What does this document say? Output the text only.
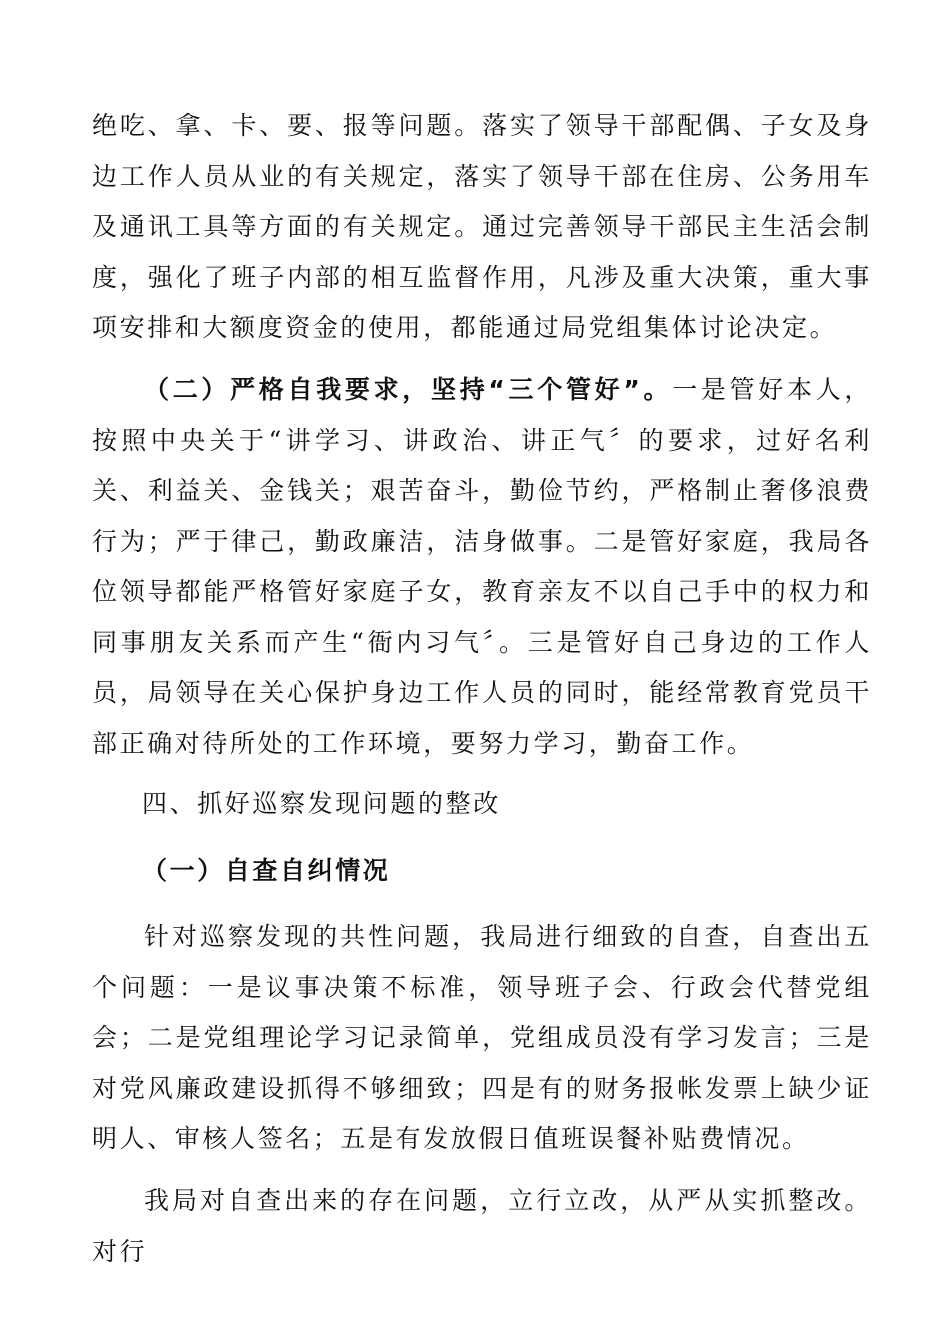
绝吃、拿、卡、要、报等问题。落实了领导干部配偶、子女及身边工作人员从业的有关规定，落实了领导干部在住房、公务用车及通讯工具等方面的有关规定。通过完善领导干部民主生活会制度，强化了班子内部的相互监督作用，凡涉及重大决策，重大事项安排和大额度资金的使用，都能通过局党组集体讨论决定。

（二）严格自我要求，坚持“三个管好”。一是管好本人，按照中央关于“讲学习、讲政治、讲正气〞的要求，过好名利关、利益关、金钱关；艰苦奋斗，勤俭节约，严格制止奢侈浪费行为；严于律己，勤政廉洁，洁身做事。二是管好家庭，我局各位领导都能严格管好家庭子女，教育亲友不以自己手中的权力和同事朋友关系而产生“衙内习气〞。三是管好自己身边的工作人员，局领导在关心保护身边工作人员的同时，能经常教育党员干部正确对待所处的工作环境，要努力学习，勤奋工作。

四、抓好巡察发现问题的整改
（一）自查自纠情况

针对巡察发现的共性问题，我局进行细致的自查，自查出五个问题：一是议事决策不标准，领导班子会、行政会代替党组会；二是党组理论学习记录简单，党组成员没有学习发言；三是对党风廉政建设抓得不够细致；四是有的财务报帐发票上缺少证明人、审核人签名；五是有发放假日值班误餐补贴费情况。

我局对自查出来的存在问题，立行立改，从严从实抓整改。对行
